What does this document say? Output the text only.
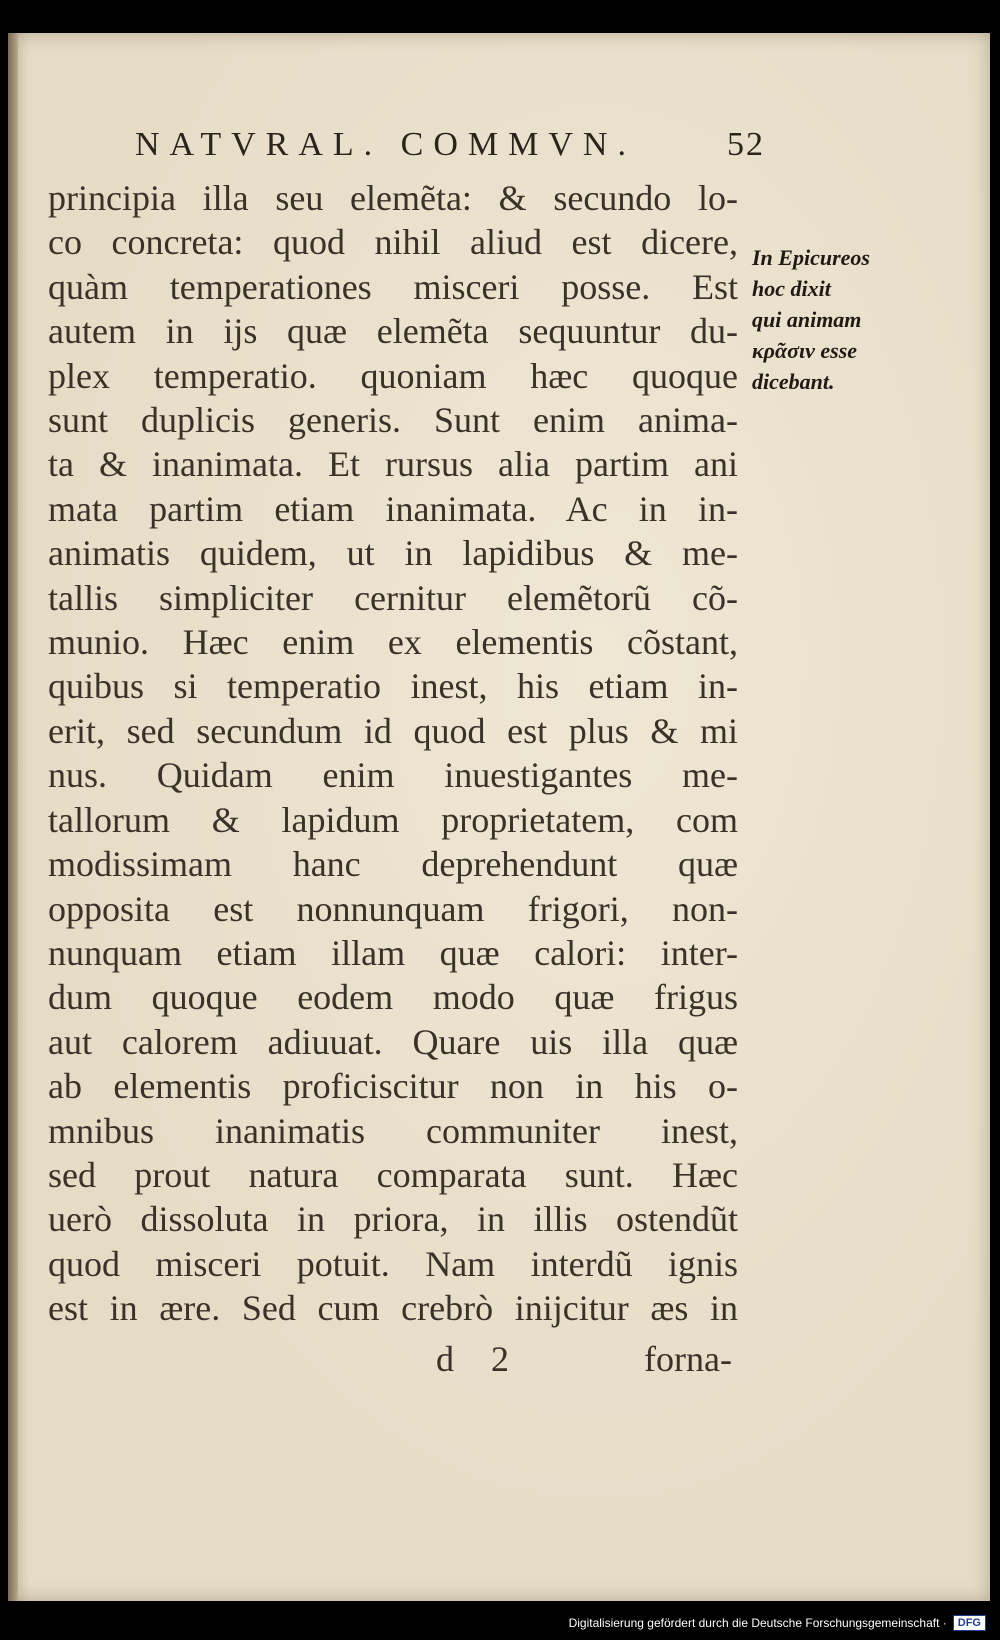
NATVRAL. COMMVN.	52
principia illa seu elemẽta: & secundo lo-
co concreta: quod nihil aliud est dicere,
quàm temperationes misceri posse. Est
autem in ijs quæ elemẽta sequuntur du-
plex temperatio. quoniam hæc quoque
sunt duplicis generis. Sunt enim anima-
ta & inanimata. Et rursus alia partim ani
mata partim etiam inanimata. Ac in in-
animatis quidem, ut in lapidibus & me-
tallis simpliciter cernitur elemẽtorũ cõ-
munio. Hæc enim ex elementis cõstant,
quibus si temperatio inest, his etiam in-
erit, sed secundum id quod est plus & mi
nus. Quidam enim inuestigantes me-
tallorum & lapidum proprietatem, com
modissimam hanc deprehendunt quæ
opposita est nonnunquam frigori, non-
nunquam etiam illam quæ calori: inter-
dum quoque eodem modo quæ frigus
aut calorem adiuuat. Quare uis illa quæ
ab elementis proficiscitur non in his o-
mnibus inanimatis communiter inest,
sed prout natura comparata sunt. Hæc
uerò dissoluta in priora, in illis ostendũt
quod misceri potuit. Nam interdũ ignis
est in ære. Sed cum crebrò inijcitur æs in
In Epicureos
hoc dixit
qui animam
κρᾶσιν esse
dicebant.
d 2	forna-
Digitalisierung gefördert durch die Deutsche Forschungsgemeinschaft ·	DFG
